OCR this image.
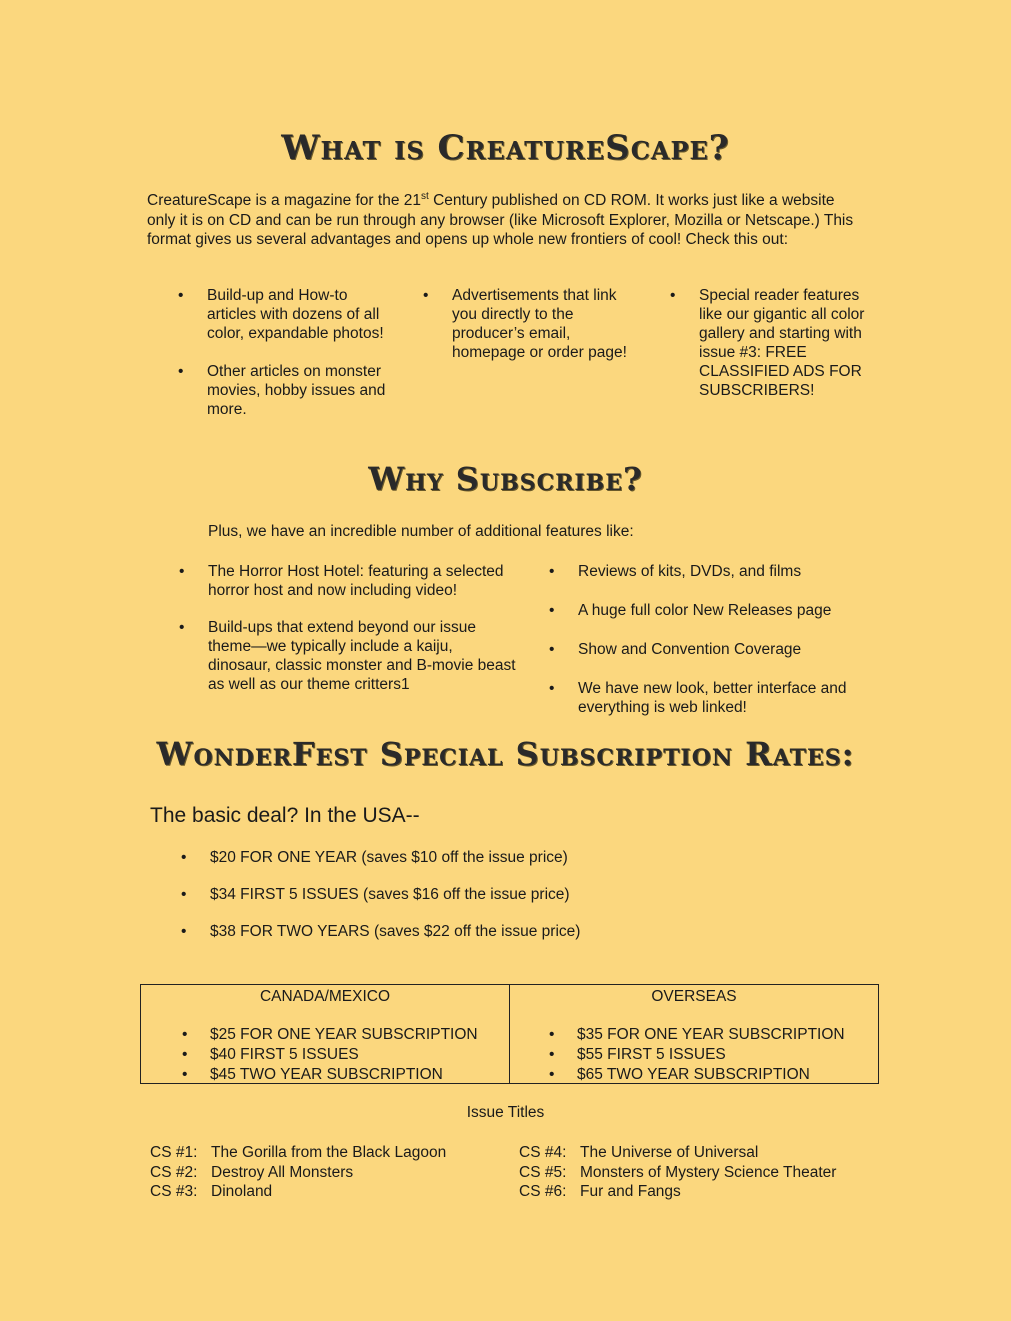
What is CreatureScape?

CreatureScape is a magazine for the 21st Century published on CD ROM. It works just like a website only it is on CD and can be run through any browser (like Microsoft Explorer, Mozilla or Netscape.) This format gives us several advantages and opens up whole new frontiers of cool! Check this out:

• Build-up and How-to articles with dozens of all color, expandable photos!
• Other articles on monster movies, hobby issues and more.
• Advertisements that link you directly to the producer’s email, homepage or order page!
• Special reader features like our gigantic all color gallery and starting with issue #3: FREE CLASSIFIED ADS FOR SUBSCRIBERS!
Why Subscribe?

Plus, we have an incredible number of additional features like:

• The Horror Host Hotel: featuring a selected horror host and now including video!
• Build-ups that extend beyond our issue theme—we typically include a kaiju, dinosaur, classic monster and B-movie beast as well as our theme critters1
• Reviews of kits, DVDs, and films
• A huge full color New Releases page
• Show and Convention Coverage
• We have new look, better interface and everything is web linked!
WonderFest Special Subscription Rates:

The basic deal? In the USA--

• $20 FOR ONE YEAR (saves $10 off the issue price)
• $34 FIRST 5 ISSUES (saves $16 off the issue price)
• $38 FOR TWO YEARS (saves $22 off the issue price)
CANADA/MEXICO
• $25 FOR ONE YEAR SUBSCRIPTION
• $40 FIRST 5 ISSUES
• $45 TWO YEAR SUBSCRIPTION
OVERSEAS
• $35 FOR ONE YEAR SUBSCRIPTION
• $55 FIRST 5 ISSUES
• $65 TWO YEAR SUBSCRIPTION
Issue Titles
CS #1: The Gorilla from the Black Lagoon
CS #2: Destroy All Monsters
CS #3: Dinoland
CS #4: The Universe of Universal
CS #5: Monsters of Mystery Science Theater
CS #6: Fur and Fangs
